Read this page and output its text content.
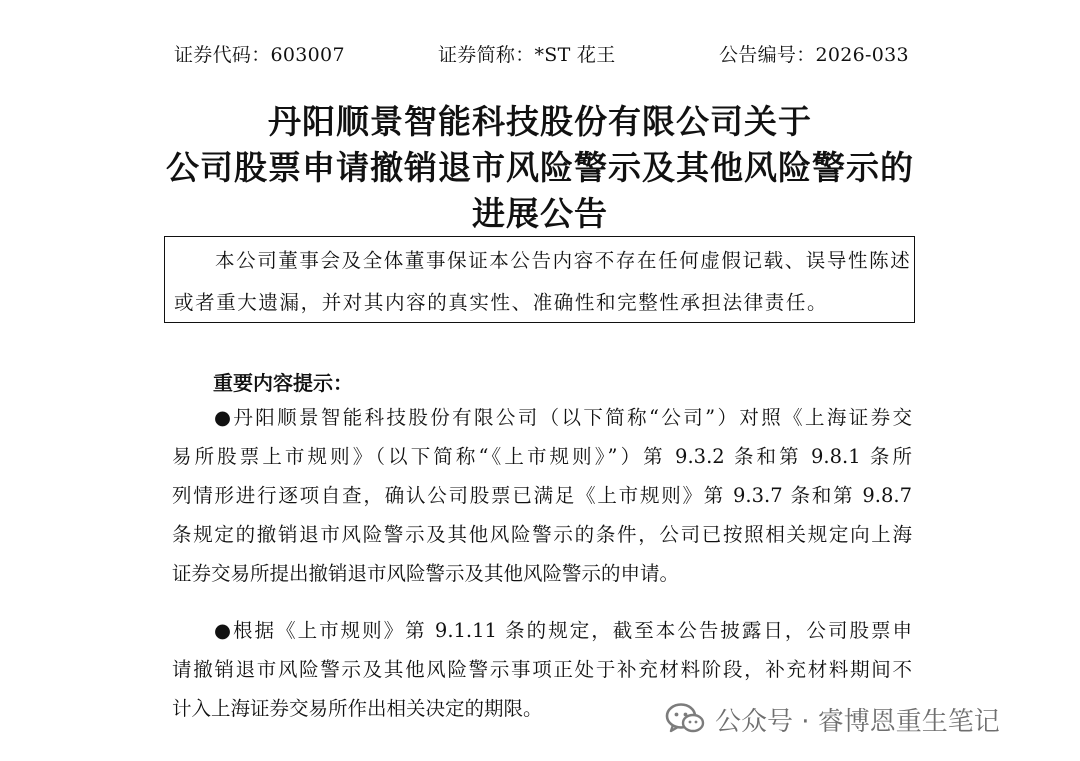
证券代码：603007	证券简称：*ST 花王	公告编号：2026-033
丹阳顺景智能科技股份有限公司关于
公司股票申请撤销退市风险警示及其他风险警示的
进展公告
本公司董事会及全体董事保证本公告内容不存在任何虚假记载、误导性陈述
或者重大遗漏，并对其内容的真实性、准确性和完整性承担法律责任。
重要内容提示：
●丹阳顺景智能科技股份有限公司（以下简称“公司”）对照《上海证券交
易所股票上市规则》（以下简称“《上市规则》”）第 9.3.2 条和第 9.8.1 条所
列情形进行逐项自查，确认公司股票已满足《上市规则》第 9.3.7 条和第 9.8.7
条规定的撤销退市风险警示及其他风险警示的条件，公司已按照相关规定向上海
证券交易所提出撤销退市风险警示及其他风险警示的申请。
●根据《上市规则》第 9.1.11 条的规定，截至本公告披露日，公司股票申
请撤销退市风险警示及其他风险警示事项正处于补充材料阶段，补充材料期间不
计入上海证券交易所作出相关决定的期限。	公众号 · 睿博恩重生笔记
